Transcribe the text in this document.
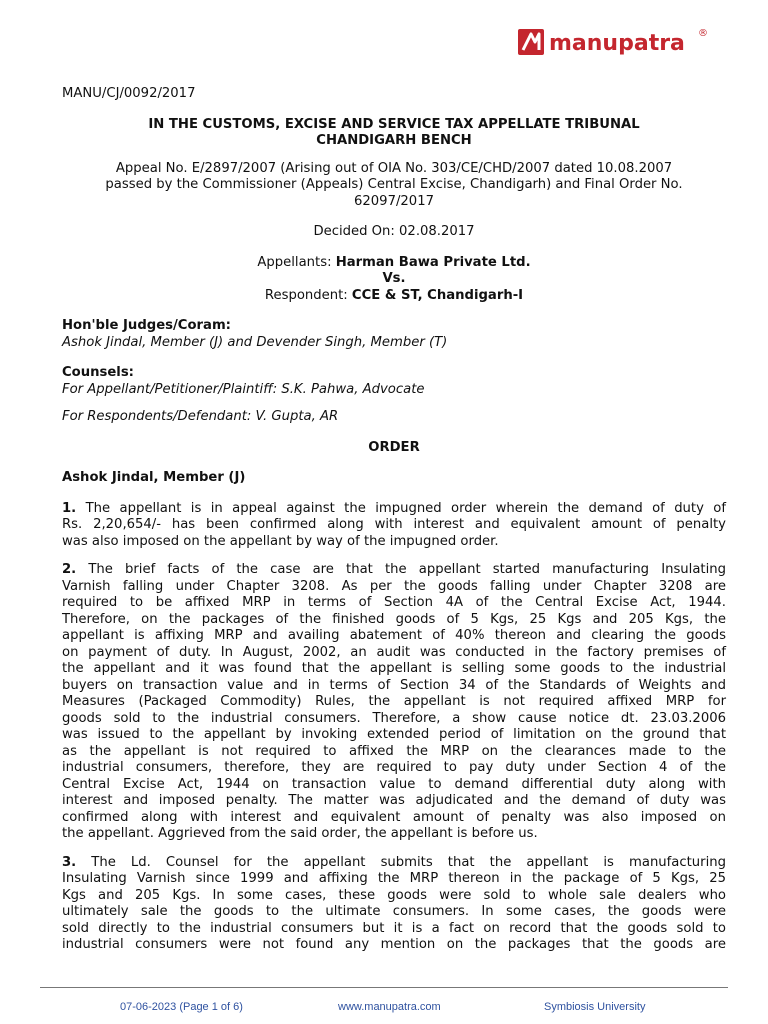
manupatra ®

MANU/CJ/0092/2017

IN THE CUSTOMS, EXCISE AND SERVICE TAX APPELLATE TRIBUNAL
CHANDIGARH BENCH
Appeal No. E/2897/2007 (Arising out of OIA No. 303/CE/CHD/2007 dated 10.08.2007
passed by the Commissioner (Appeals) Central Excise, Chandigarh) and Final Order No.
62097/2017
Decided On: 02.08.2017
Appellants: Harman Bawa Private Ltd.
Vs.
Respondent: CCE & ST, Chandigarh-I
Hon'ble Judges/Coram:
Ashok Jindal, Member (J) and Devender Singh, Member (T)
Counsels:
For Appellant/Petitioner/Plaintiff: S.K. Pahwa, Advocate
For Respondents/Defendant: V. Gupta, AR
ORDER
Ashok Jindal, Member (J)
1. The appellant is in appeal against the impugned order wherein the demand of duty of
Rs. 2,20,654/- has been confirmed along with interest and equivalent amount of penalty
was also imposed on the appellant by way of the impugned order.
2. The brief facts of the case are that the appellant started manufacturing Insulating
Varnish falling under Chapter 3208. As per the goods falling under Chapter 3208 are
required to be affixed MRP in terms of Section 4A of the Central Excise Act, 1944.
Therefore, on the packages of the finished goods of 5 Kgs, 25 Kgs and 205 Kgs, the
appellant is affixing MRP and availing abatement of 40% thereon and clearing the goods
on payment of duty. In August, 2002, an audit was conducted in the factory premises of
the appellant and it was found that the appellant is selling some goods to the industrial
buyers on transaction value and in terms of Section 34 of the Standards of Weights and
Measures (Packaged Commodity) Rules, the appellant is not required affixed MRP for
goods sold to the industrial consumers. Therefore, a show cause notice dt. 23.03.2006
was issued to the appellant by invoking extended period of limitation on the ground that
as the appellant is not required to affixed the MRP on the clearances made to the
industrial consumers, therefore, they are required to pay duty under Section 4 of the
Central Excise Act, 1944 on transaction value to demand differential duty along with
interest and imposed penalty. The matter was adjudicated and the demand of duty was
confirmed along with interest and equivalent amount of penalty was also imposed on
the appellant. Aggrieved from the said order, the appellant is before us.
3. The Ld. Counsel for the appellant submits that the appellant is manufacturing
Insulating Varnish since 1999 and affixing the MRP thereon in the package of 5 Kgs, 25
Kgs and 205 Kgs. In some cases, these goods were sold to whole sale dealers who
ultimately sale the goods to the ultimate consumers. In some cases, the goods were
sold directly to the industrial consumers but it is a fact on record that the goods sold to
industrial consumers were not found any mention on the packages that the goods are
07-06-2023 (Page 1 of 6)	www.manupatra.com	Symbiosis University
